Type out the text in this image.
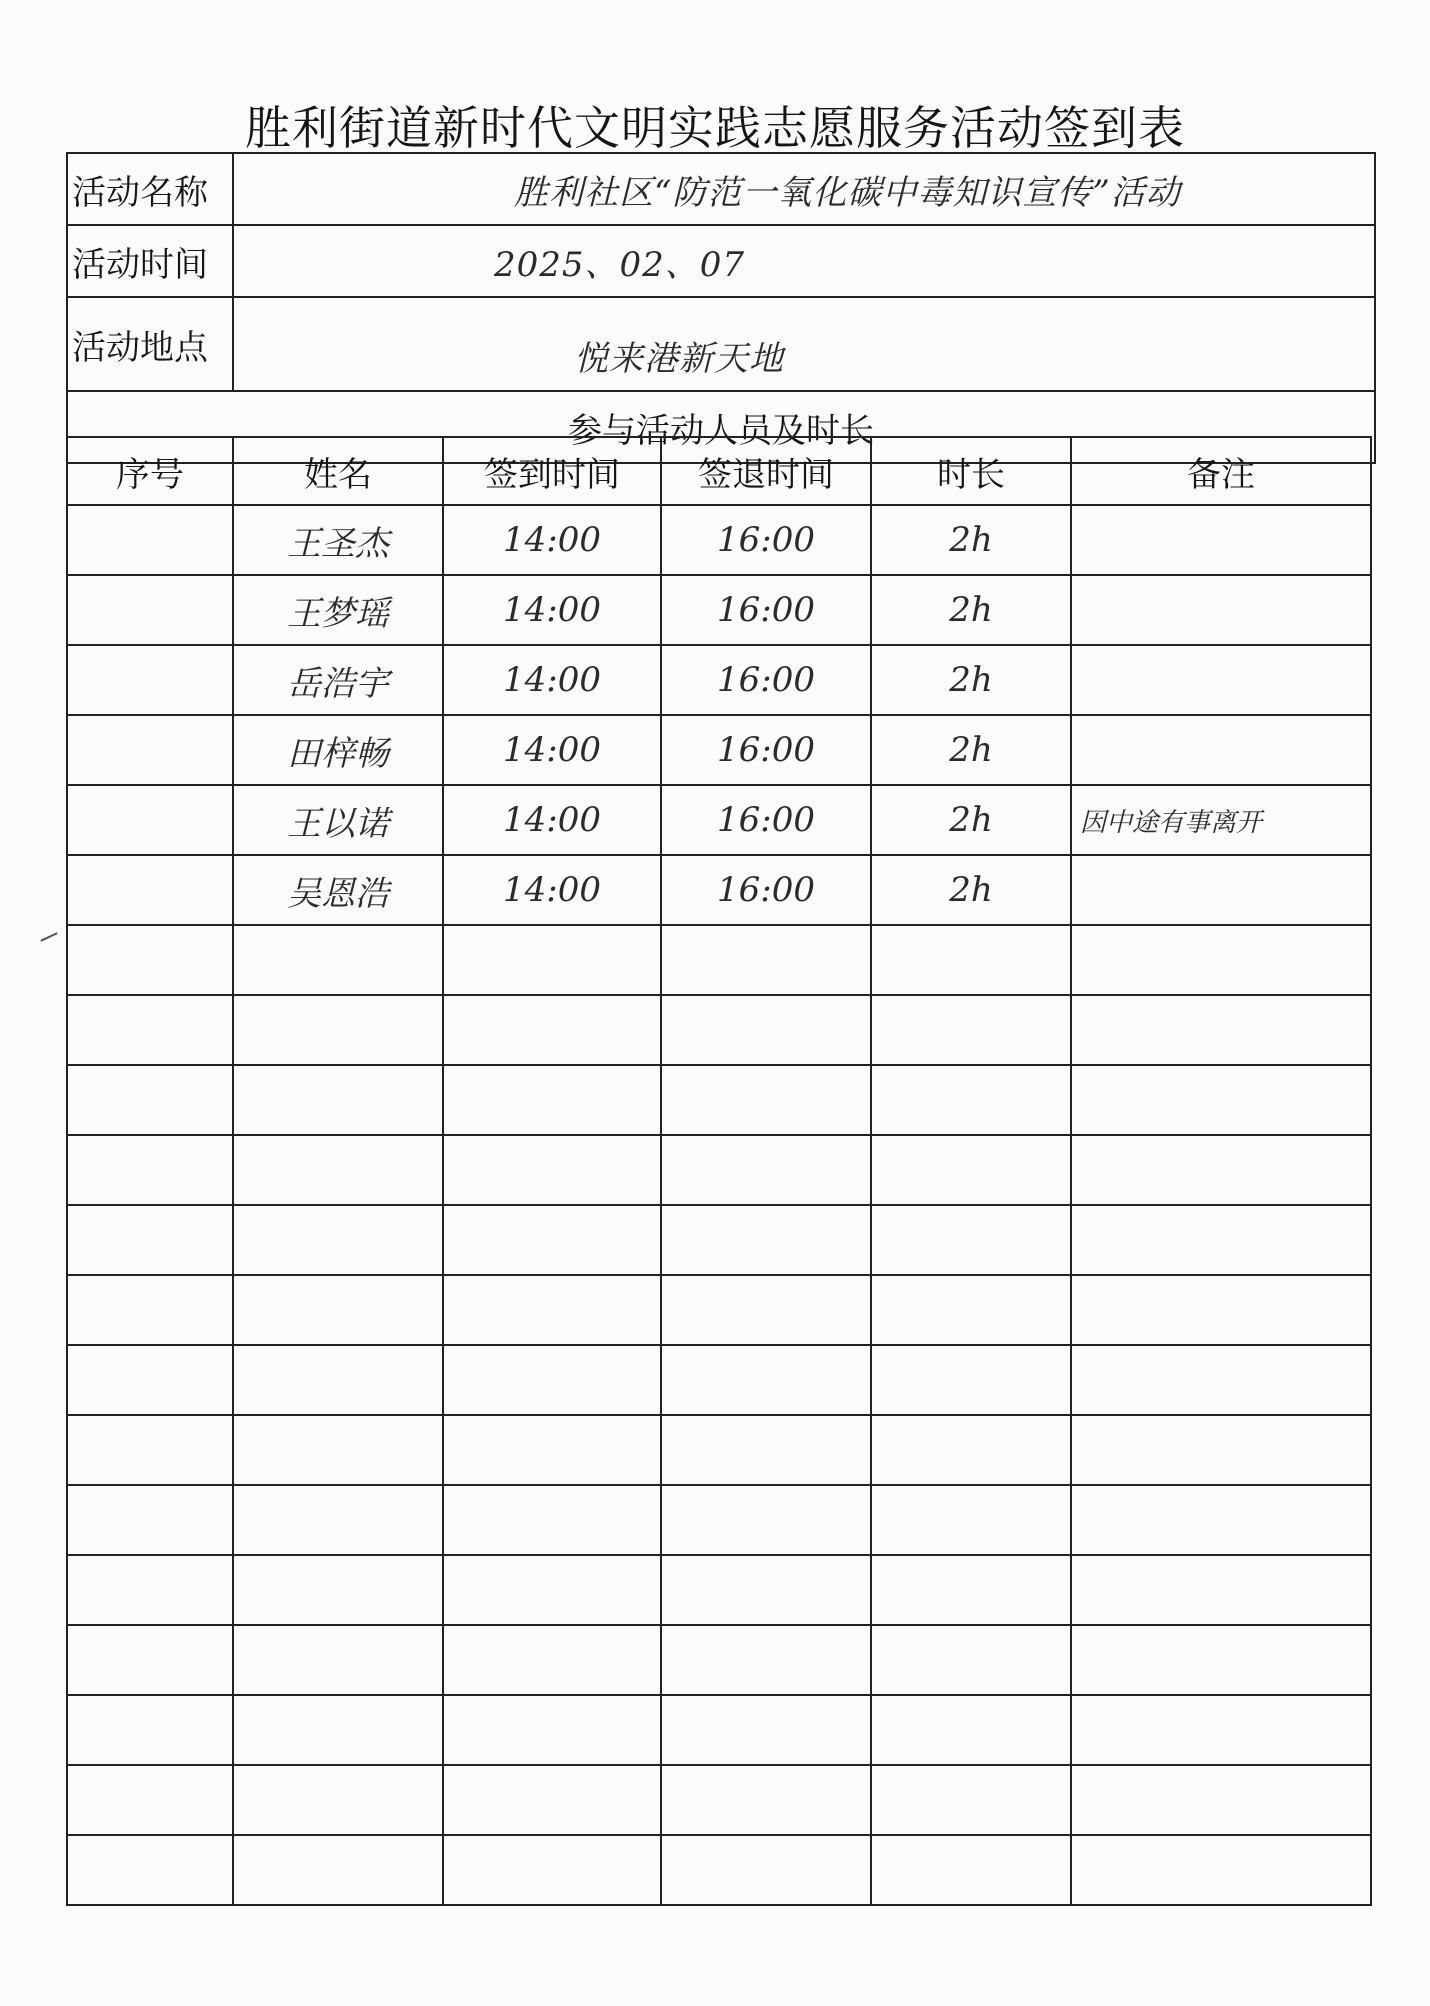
胜利街道新时代文明实践志愿服务活动签到表
活动名称	胜利社区“防范一氧化碳中毒知识宣传”活动
活动时间	2025、02、07
活动地点	悦来港新天地
参与活动人员及时长	
序号	姓名	签到时间	签退时间	时长	备注
	王圣杰	14:00	16:00	2h	
	王梦瑶	14:00	16:00	2h	
	岳浩宇	14:00	16:00	2h	
	田梓畅	14:00	16:00	2h	
	王以诺	14:00	16:00	2h	因中途有事离开
	吴恩浩	14:00	16:00	2h	
